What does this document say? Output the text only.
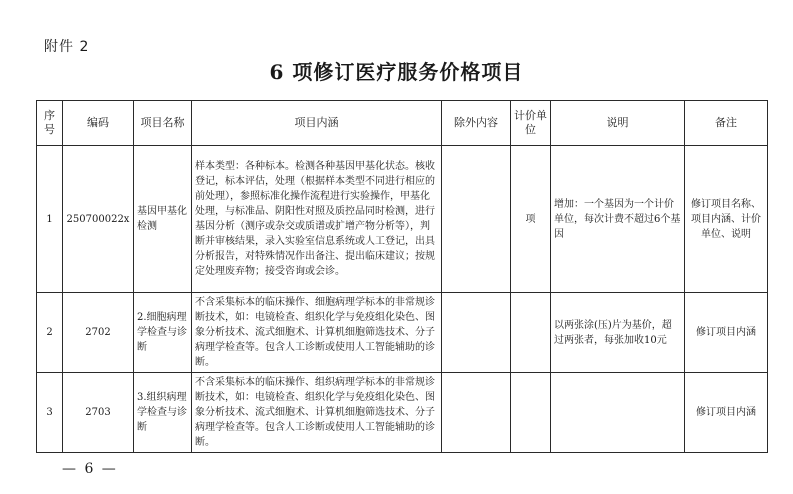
附件 2
6 项修订医疗服务价格项目
序号	编码	项目名称	项目内涵	除外内容	计价单位	说明	备注
1	250700022x	基因甲基化检测	样本类型：各种标本。检测各种基因甲基化状态。核收登记，标本评估，处理（根据样本类型不同进行相应的前处理），参照标准化操作流程进行实验操作，甲基化处理，与标准品、阴阳性对照及质控品同时检测，进行基因分析（测序或杂交或质谱或扩增产物分析等），判断并审核结果，录入实验室信息系统或人工登记，出具分析报告，对特殊情况作出备注、提出临床建议；按规定处理废弃物；接受咨询或会诊。		项	增加：一个基因为一个计价单位，每次计费不超过6个基因	修订项目名称、项目内涵、计价单位、说明
2	2702	2.细胞病理学检查与诊断	不含采集标本的临床操作、细胞病理学标本的非常规诊断技术，如：电镜检查、组织化学与免疫组化染色、图象分析技术、流式细胞术、计算机细胞筛选技术、分子病理学检查等。包含人工诊断或使用人工智能辅助的诊断。			以两张涂(压)片为基价，超过两张者，每张加收10元	修订项目内涵
3	2703	3.组织病理学检查与诊断	不含采集标本的临床操作、组织病理学标本的非常规诊断技术，如：电镜检查、组织化学与免疫组化染色、图象分析技术、流式细胞术、计算机细胞筛选技术、分子病理学检查等。包含人工诊断或使用人工智能辅助的诊断。				修订项目内涵
— 6 —
